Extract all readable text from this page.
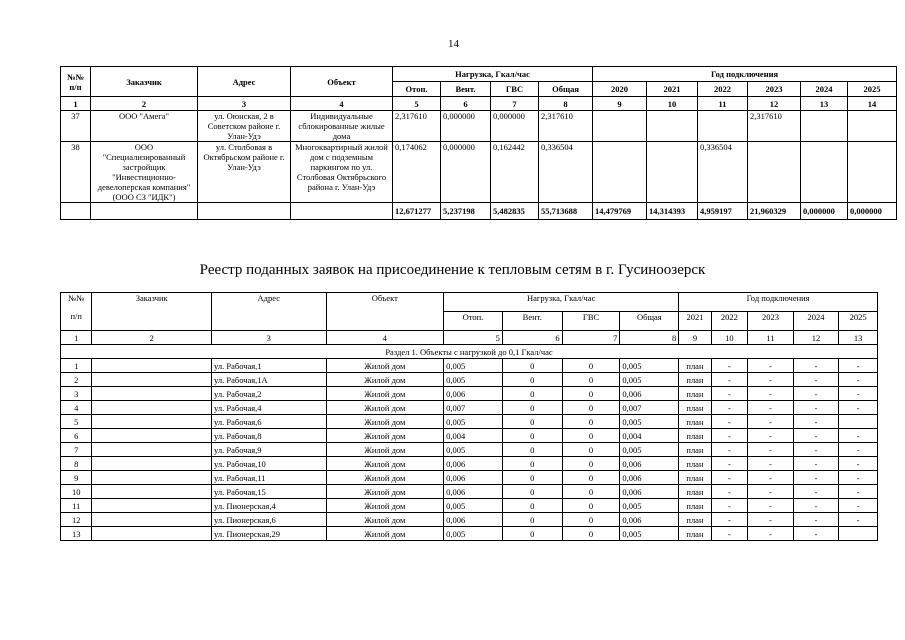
14
№№ п/п	Заказчик	Адрес	Объект	Нагрузка, Гкал/час				Год подключения					
				Отоп.	Вент.	ГВС	Общая	2020	2021	2022	2023	2024	2025
1	2	3	4	5	6	7	8	9	10	11	12	13	14
37	ООО "Амега"	ул. Оюнская, 2 в Советском районе г. Улан-Удэ	Индивидуальные сблокированные жилые дома	2,317610	0,000000	0,000000	2,317610				2,317610		
38	ООО "Специализированный застройщик "Инвестиционно-девелоперская компания" (ООО СЗ "ИДК")	ул. Столбовая в Октябрьском районе г. Улан-Удэ	Многоквартирный жилой дом с подземным паркингом по ул. Столбовая Октябрьского района г. Улан-Удэ	0,174062	0,000000	0,162442	0,336504			0,336504			
				12,671277	5,237198	5,482835	55,713688	14,479769	14,314393	4,959197	21,960329	0,000000	0,000000
Реестр поданных заявок на присоединение к тепловым сетям в г. Гусиноозерск
№№
п/п	Заказчик	Адрес	Объект	Нагрузка, Гкал/час				Год подключения				
				Отоп.	Вент.	ГВС	Общая	2021	2022	2023	2024	2025
1	2	3	4	5	6	7	8	9	10	11	12	13
Раздел 1. Объекты с нагрузкой до 0,1 Гкал/час												
1		ул. Рабочая,1	Жилой дом	0,005	0	0	0,005	план	-	-	-	-
2		ул. Рабочая,1А	Жилой дом	0,005	0	0	0,005	план	-	-	-	-
3		ул. Рабочая,2	Жилой дом	0,006	0	0	0,006	план	-	-	-	-
4		ул. Рабочая,4	Жилой дом	0,007	0	0	0,007	план	-	-	-	-
5		ул. Рабочая,6	Жилой дом	0,005	0	0	0,005	план	-	-	-	
6		ул. Рабочая,8	Жилой дом	0,004	0	0	0,004	план	-	-	-	-
7		ул. Рабочая,9	Жилой дом	0,005	0	0	0,005	план	-	-	-	-
8		ул. Рабочая,10	Жилой дом	0,006	0	0	0,006	план	-	-	-	-
9		ул. Рабочая,11	Жилой дом	0,006	0	0	0,006	план	-	-	-	-
10		ул. Рабочая,15	Жилой дом	0,006	0	0	0,006	план	-	-	-	-
11		ул. Пионерская,4	Жилой дом	0,005	0	0	0,005	план	-	-	-	-
12		ул. Пионерская,6	Жилой дом	0,006	0	0	0,006	план	-	-	-	-
13		ул. Пионерская,29	Жилой дом	0,005	0	0	0,005	план	-	-	-	
